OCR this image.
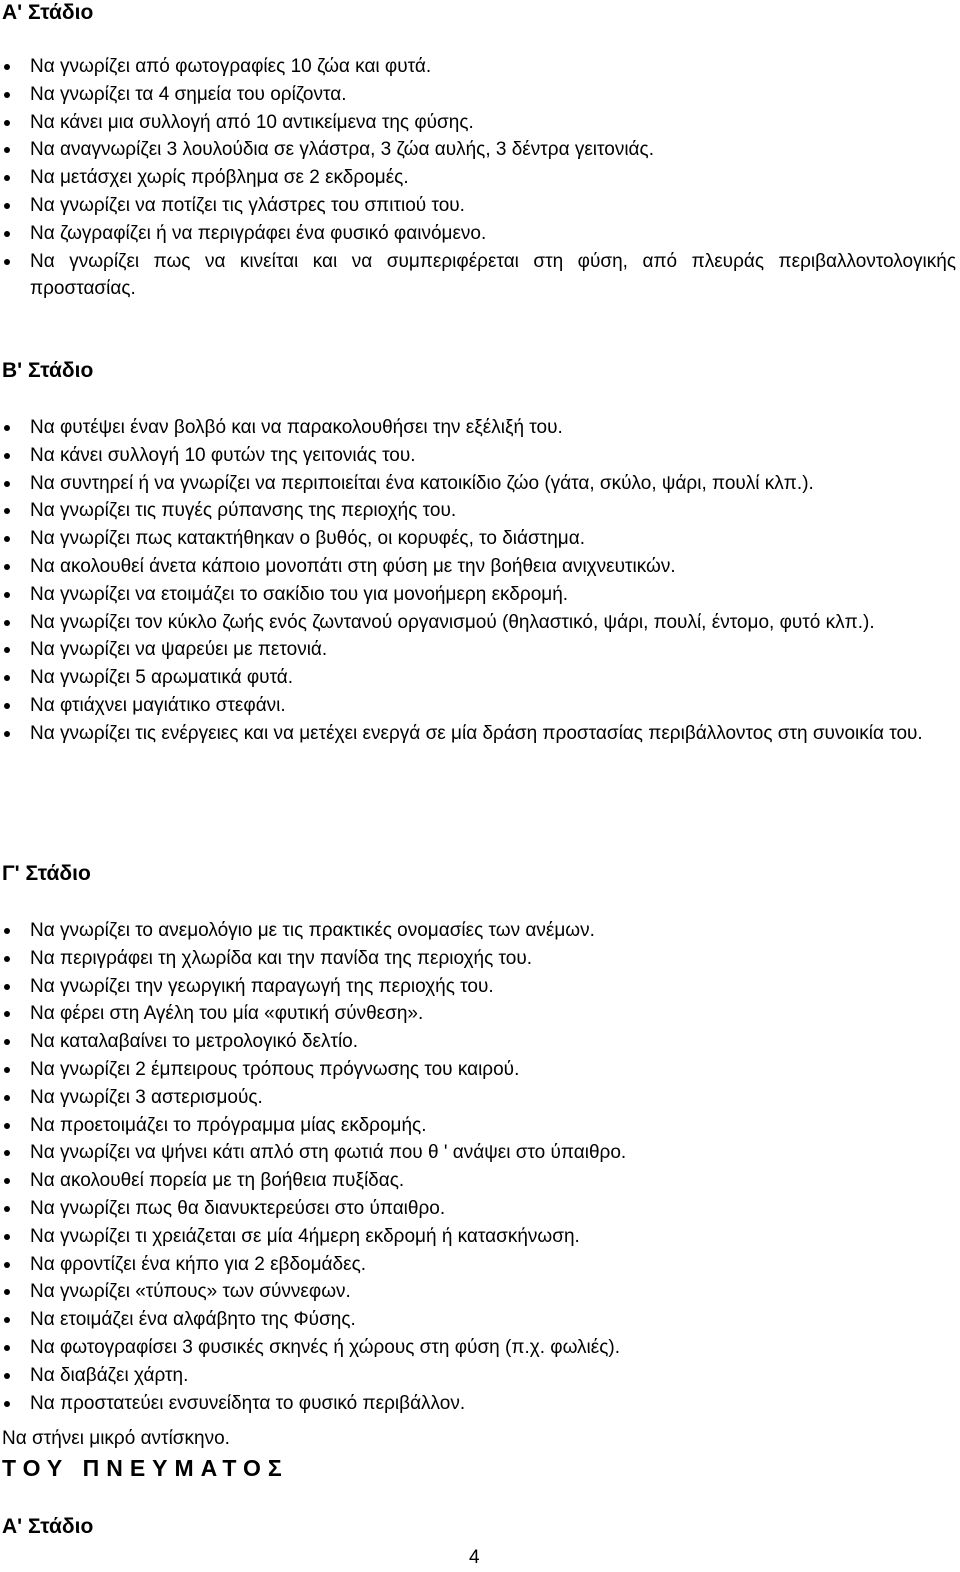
Α' Στάδιο
Να γνωρίζει από φωτογραφίες 10 ζώα και φυτά.
Να γνωρίζει τα 4 σημεία του ορίζοντα.
Να κάνει μια συλλογή από 10 αντικείμενα της φύσης.
Να αναγνωρίζει 3 λουλούδια σε γλάστρα, 3 ζώα αυλής, 3 δέντρα γειτονιάς.
Να μετάσχει χωρίς πρόβλημα σε 2 εκδρομές.
Να γνωρίζει να ποτίζει τις γλάστρες του σπιτιού του.
Να ζωγραφίζει ή να περιγράφει ένα φυσικό φαινόμενο.
Να γνωρίζει πως να κινείται και να συμπεριφέρεται στη φύση, από πλευράς περιβαλλοντολογικής προστασίας.
Β' Στάδιο
Να φυτέψει έναν βολβό και να παρακολουθήσει την εξέλιξή του.
Να κάνει συλλογή 10 φυτών της γειτονιάς του.
Να συντηρεί ή να γνωρίζει να περιποιείται ένα κατοικίδιο ζώο (γάτα, σκύλο, ψάρι, πουλί κλπ.).
Να γνωρίζει τις πυγές ρύπανσης της περιοχής του.
Να γνωρίζει πως κατακτήθηκαν ο βυθός, οι κορυφές, το διάστημα.
Να ακολουθεί άνετα κάποιο μονοπάτι στη φύση με την βοήθεια ανιχνευτικών.
Να γνωρίζει να ετοιμάζει το σακίδιο του για μονοήμερη εκδρομή.
Να γνωρίζει τον κύκλο ζωής ενός ζωντανού οργανισμού (θηλαστικό, ψάρι, πουλί, έντομο, φυτό κλπ.).
Να γνωρίζει να ψαρεύει με πετονιά.
Να γνωρίζει 5 αρωματικά φυτά.
Να φτιάχνει μαγιάτικο στεφάνι.
Να γνωρίζει τις ενέργειες και να μετέχει ενεργά σε μία δράση προστασίας περιβάλλοντος στη συνοικία του.
Γ' Στάδιο
Να γνωρίζει το ανεμολόγιο με τις πρακτικές ονομασίες των ανέμων.
Να περιγράφει τη χλωρίδα και την πανίδα της περιοχής του.
Να γνωρίζει την γεωργική παραγωγή της περιοχής του.
Να φέρει στη Αγέλη του μία «φυτική σύνθεση».
Να καταλαβαίνει το μετρολογικό δελτίο.
Να γνωρίζει 2 έμπειρους τρόπους πρόγνωσης του καιρού.
Να γνωρίζει 3 αστερισμούς.
Να προετοιμάζει το πρόγραμμα μίας εκδρομής.
Να γνωρίζει να ψήνει κάτι απλό στη φωτιά που θ ' ανάψει στο ύπαιθρο.
Να ακολουθεί πορεία με τη βοήθεια πυξίδας.
Να γνωρίζει πως θα διανυκτερεύσει στο ύπαιθρο.
Να γνωρίζει τι χρειάζεται σε μία 4ήμερη εκδρομή ή κατασκήνωση.
Να φροντίζει ένα κήπο για 2 εβδομάδες.
Να γνωρίζει «τύπους» των σύννεφων.
Να ετοιμάζει ένα αλφάβητο της Φύσης.
Να φωτογραφίσει 3 φυσικές σκηνές ή χώρους στη φύση (π.χ. φωλιές).
Να διαβάζει χάρτη.
Να προστατεύει ενσυνείδητα το φυσικό περιβάλλον.

Να στήνει μικρό αντίσκηνο.

ΤΟΥ ΠΝΕΥΜΑΤΟΣ
Α' Στάδιο

4
